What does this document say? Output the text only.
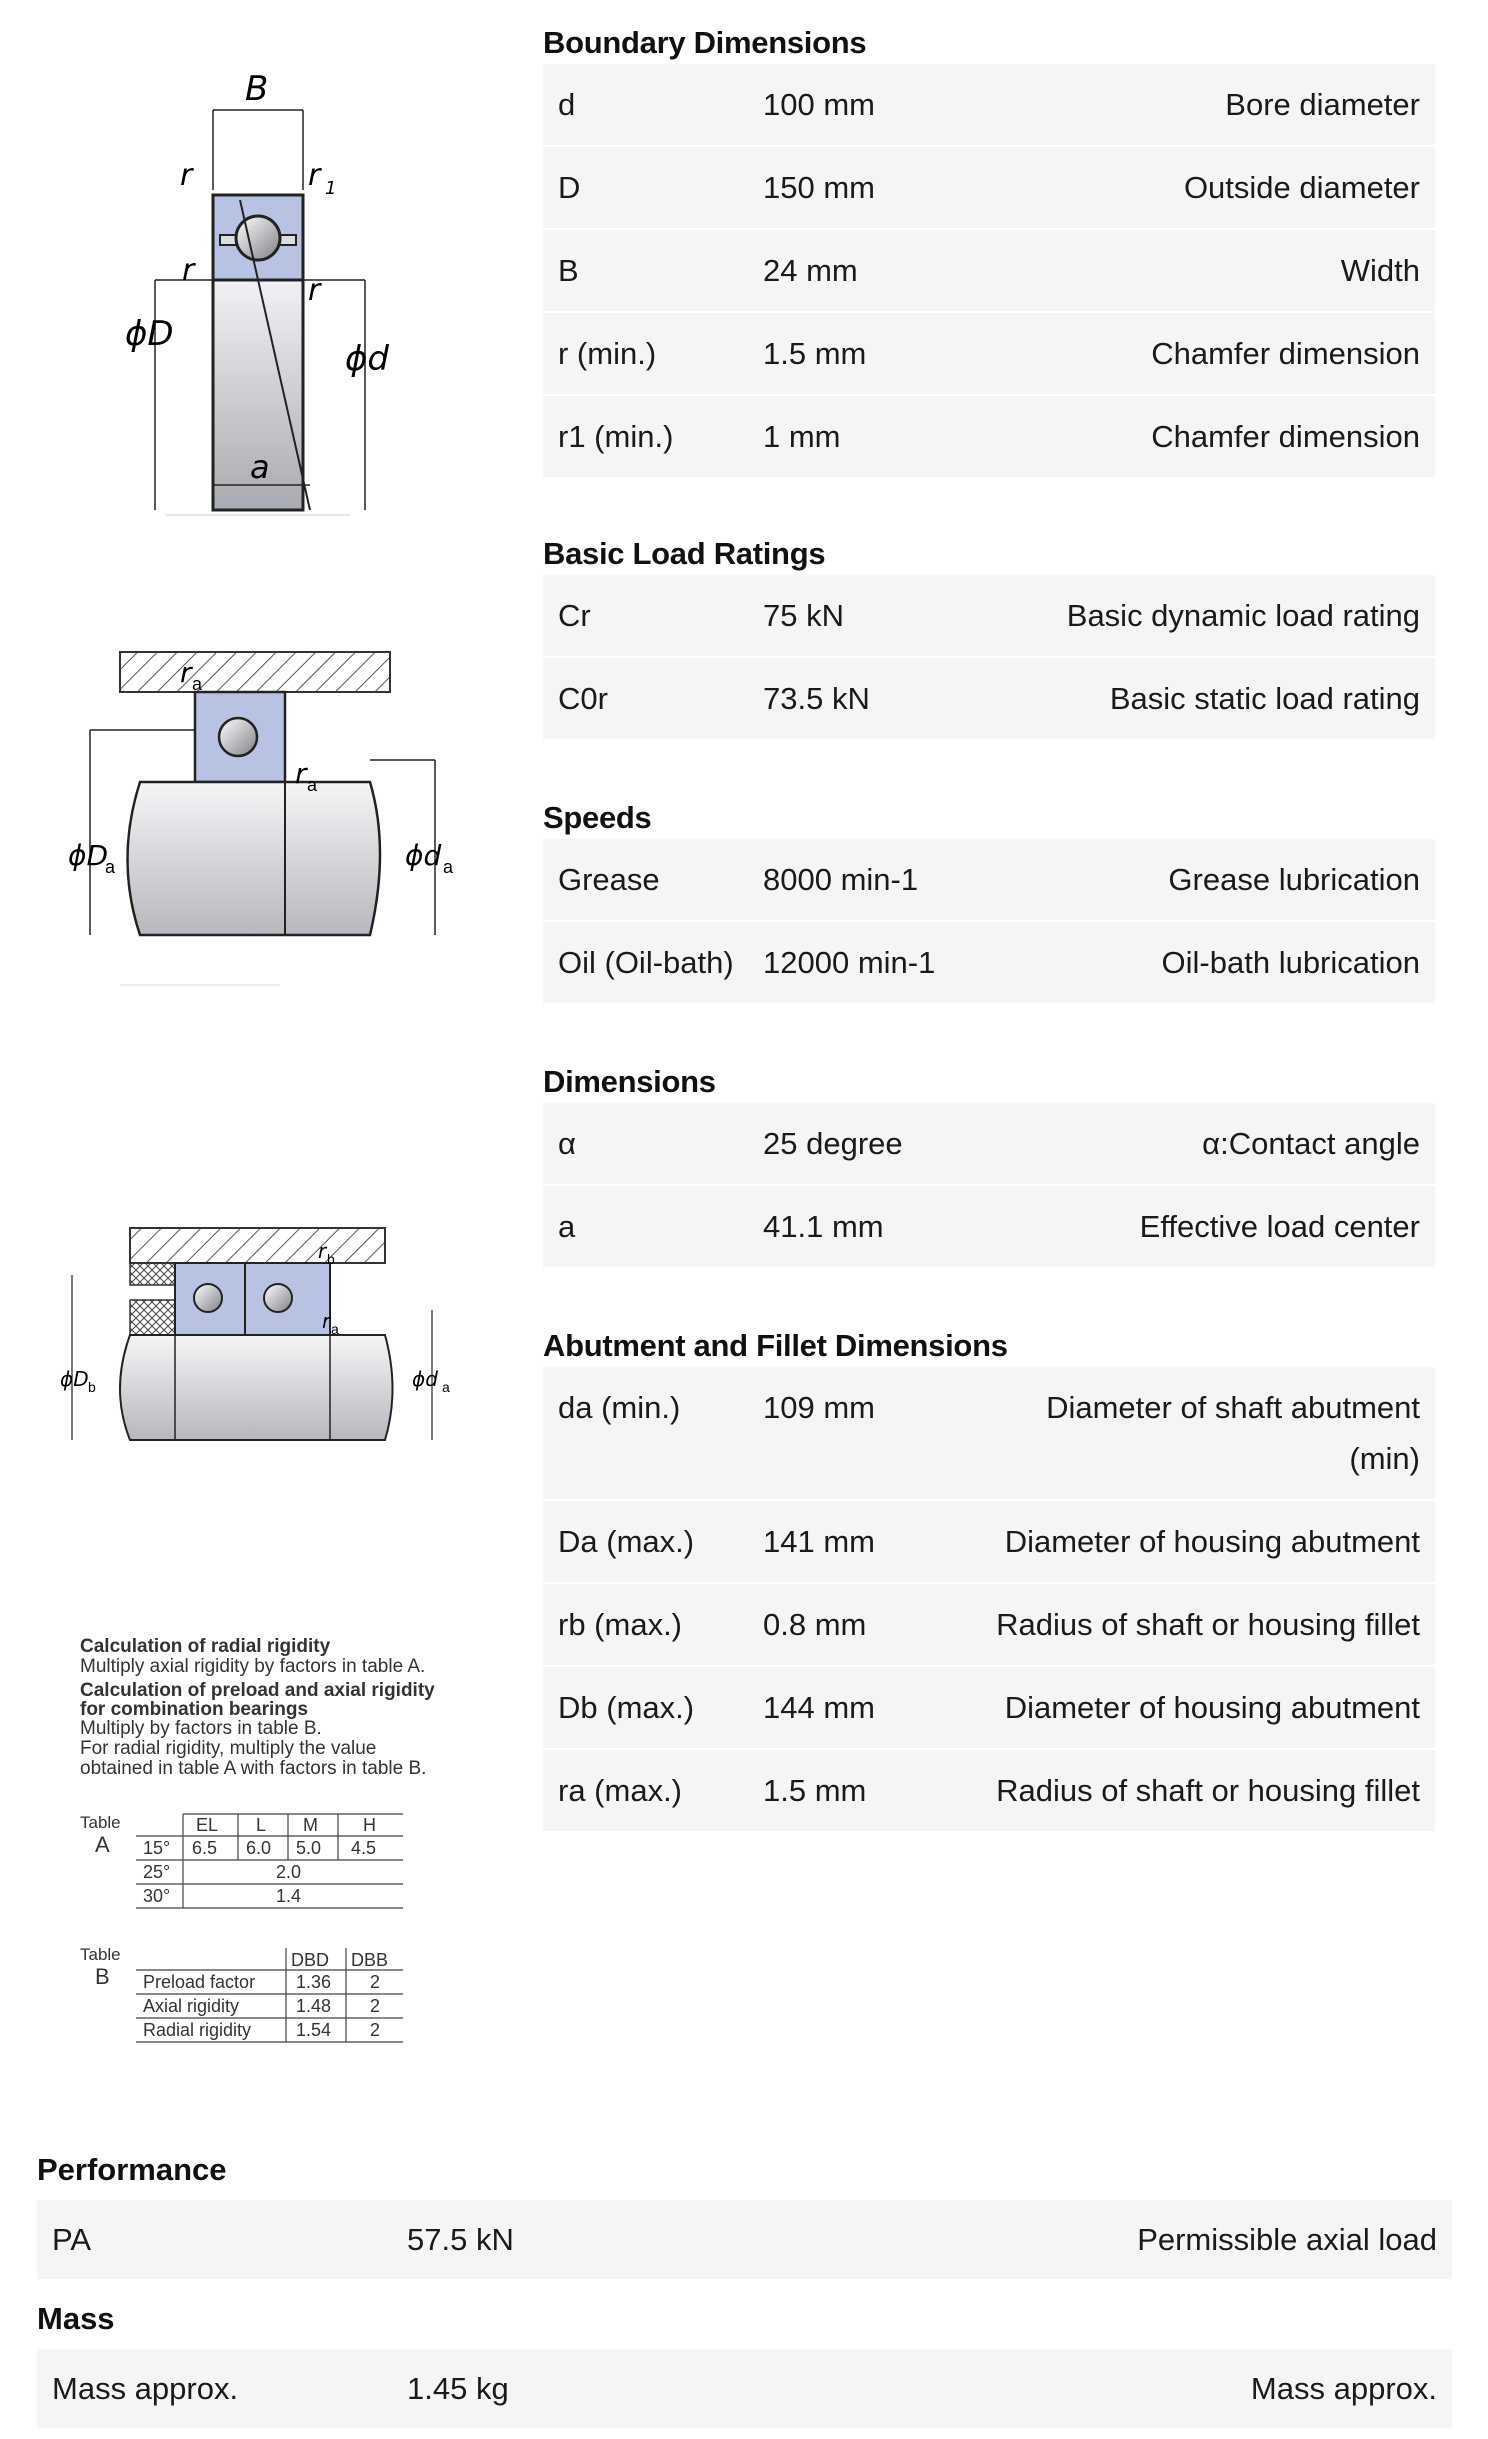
B
r	r 1
r
r
ϕD
ϕd
a
r a
r a
ϕD
a	ϕd a
r b
r a
ϕD b	ϕd a
Calculation of radial rigidity
Multiply axial rigidity by factors in table A.
Calculation of preload and axial rigidity
for combination bearings
Multiply by factors in table B.
For radial rigidity, multiply the value
obtained in table A with factors in table B.
Table
A
EL L M	H
15° 6.5 6.0 5.0 4.5
25°	2.0
30°	1.4
Table
B
DBD DBB
Preload factor 1.36 2
Axial rigidity	1.48 2
Radial rigidity 1.54 2
Boundary Dimensions
d	100 mm	Bore diameter
D	150 mm	Outside diameter
B	24 mm	Width
r (min.)	1.5 mm	Chamfer dimension
r1 (min.)	1 mm	Chamfer dimension
Basic Load Ratings
Cr	75 kN	Basic dynamic load rating
C0r	73.5 kN	Basic static load rating
Speeds
Grease	8000 min-1	Grease lubrication
Oil (Oil-bath) 12000 min-1	Oil-bath lubrication
Dimensions
α	25 degree	α:Contact angle
a	41.1 mm	Effective load center
Abutment and Fillet Dimensions
da (min.)	109 mm	Diameter of shaft abutment (min)
Da (max.)	141 mm	Diameter of housing abutment
rb (max.)	0.8 mm	Radius of shaft or housing fillet
Db (max.)	144 mm	Diameter of housing abutment
ra (max.)	1.5 mm	Radius of shaft or housing fillet
Performance
PA	57.5 kN	Permissible axial load
Mass
Mass approx.	1.45 kg	Mass approx.
